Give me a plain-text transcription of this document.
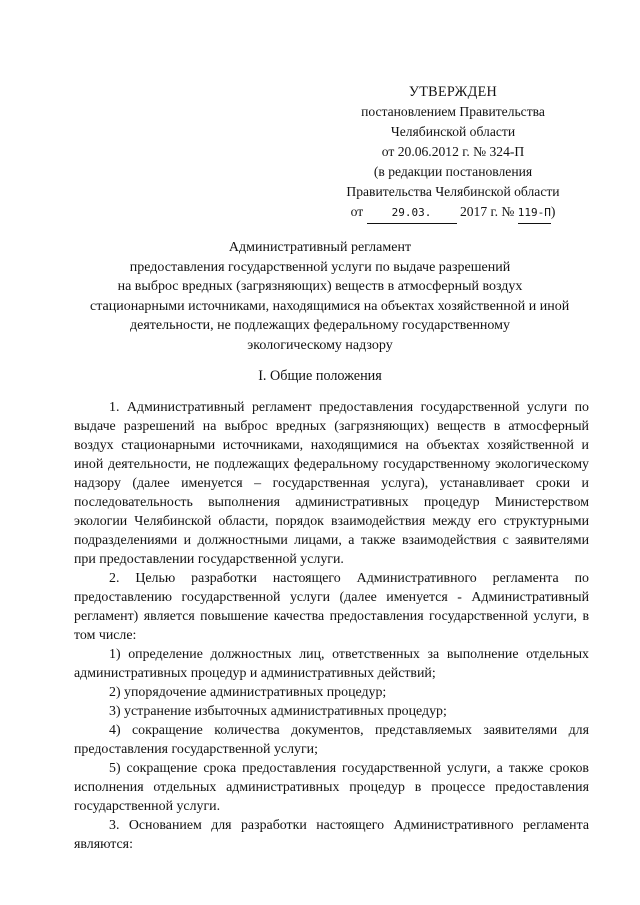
УТВЕРЖДЕН
постановлением Правительства
Челябинской области
от 20.06.2012 г. № 324-П
(в редакции постановления
Правительства Челябинской области
от	29.03. 2017 г. № 119-П)
Административный регламент
предоставления государственной услуги по выдаче разрешений
на выброс вредных (загрязняющих) веществ в атмосферный воздух
стационарными источниками, находящимися на объектах хозяйственной и иной
деятельности, не подлежащих федеральному государственному
экологическому надзору
I. Общие положения

1. Административный регламент предоставления государственной услуги по выдаче разрешений на выброс вредных (загрязняющих) веществ в атмосферный воздух стационарными источниками, находящимися на объектах хозяйственной и иной деятельности, не подлежащих федеральному государственному экологическому надзору (далее именуется – государственная услуга), устанавливает сроки и последовательность выполнения административных процедур Министерством экологии Челябинской области, порядок взаимодействия между его структурными подразделениями и должностными лицами, а также взаимодействия с заявителями при предоставлении государственной услуги.

2. Целью разработки настоящего Административного регламента по предоставлению государственной услуги (далее именуется - Административный регламент) является повышение качества предоставления государственной услуги, в том числе:

1) определение должностных лиц, ответственных за выполнение отдельных административных процедур и административных действий;

2) упорядочение административных процедур;

3) устранение избыточных административных процедур;

4) сокращение количества документов, представляемых заявителями для предоставления государственной услуги;

5) сокращение срока предоставления государственной услуги, а также сроков исполнения отдельных административных процедур в процессе предоставления государственной услуги.

3. Основанием для разработки настоящего Административного регламента являются:
